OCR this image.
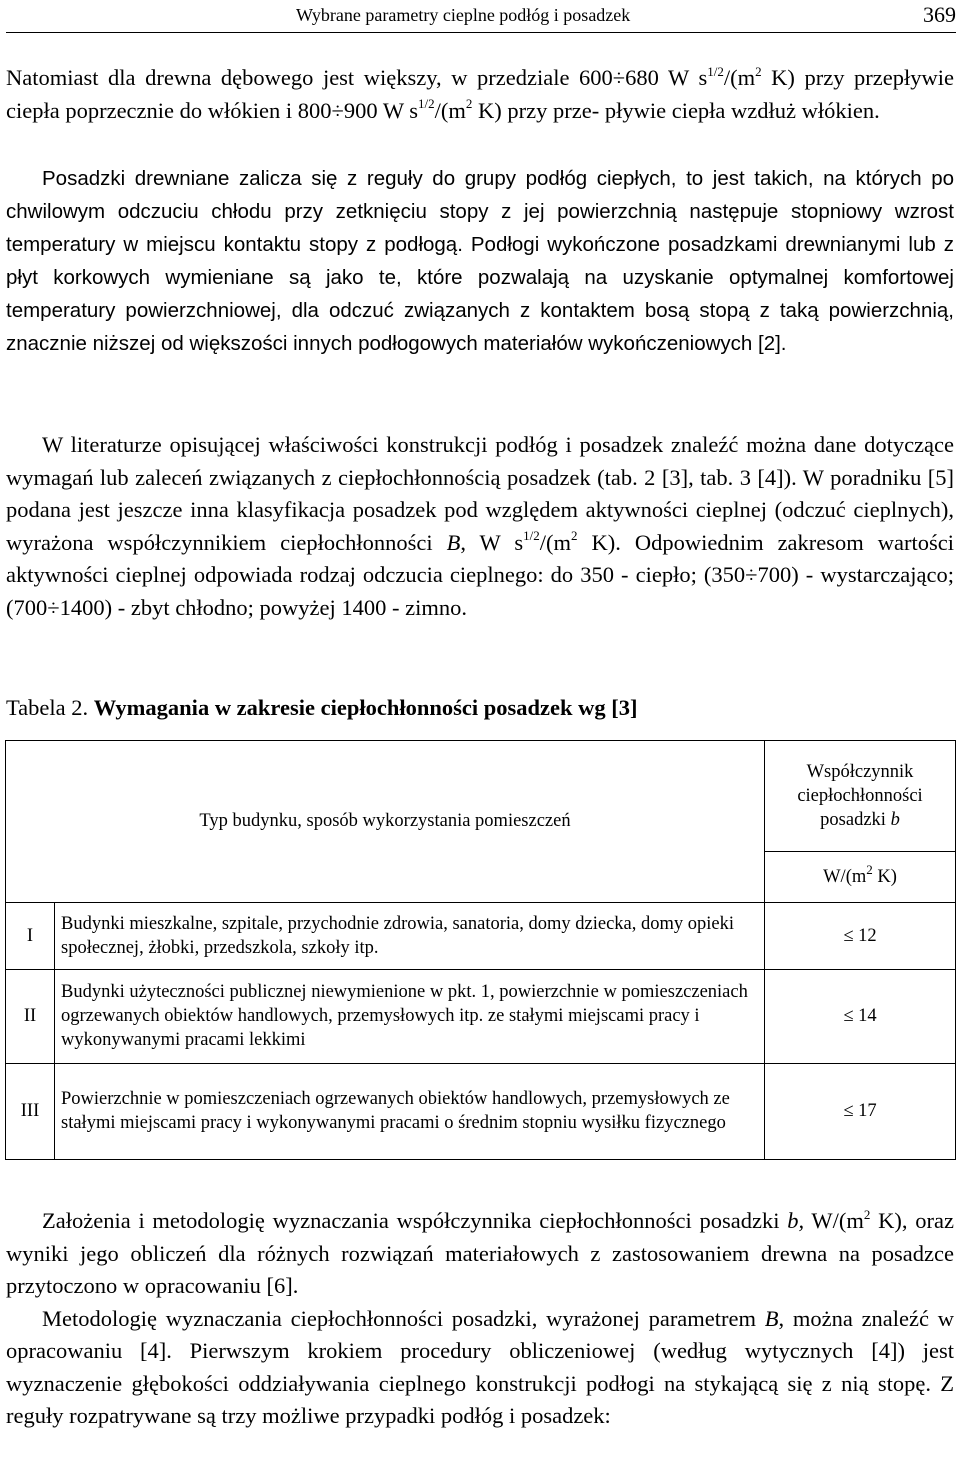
Wybrane parametry cieplne podłóg i posadzek	369

Natomiast dla drewna dębowego jest większy, w przedziale 600÷680 W $s^{1/2}/(m^2$ K) przy przepływie ciepła poprzecznie do włókien i 800÷900 W $s^{1/2}/(m^2$ K) przy prze- pływie ciepła wzdłuż włókien.

Posadzki drewniane zalicza się z reguły do grupy podłóg ciepłych, to jest takich, na których po chwilowym odczuciu chłodu przy zetknięciu stopy z jej powierzchnią następuje stopniowy wzrost temperatury w miejscu kontaktu stopy z podłogą. Podłogi wykończone posadzkami drewnianymi lub z płyt korkowych wymieniane są jako te, które pozwalają na uzyskanie optymalnej komfortowej temperatury powierzchniowej, dla odczuć związanych z kontaktem bosą stopą z taką powierzchnią, znacznie niższej od większości innych podłogowych materiałów wykończeniowych [2].

W literaturze opisującej właściwości konstrukcji podłóg i posadzek znaleźć można dane dotyczące wymagań lub zaleceń związanych z ciepłochłonnością posadzek (tab. 2 [3], tab. 3 [4]). W poradniku [5] podana jest jeszcze inna klasyfikacja posadzek pod względem aktywności cieplnej (odczuć cieplnych), wyrażona współczynnikiem ciepłochłonności B, W $s^{1/2}/(m^2$ K). Odpowiednim zakresom wartości aktywności cieplnej odpowiada rodzaj odczucia cieplnego: do 350 - ciepło; (350÷700) - wystarczająco; (700÷1400) - zbyt chłodno; powyżej 1400 - zimno.

Tabela 2. Wymagania w zakresie ciepłochłonności posadzek wg [3]
Typ budynku, sposób wykorzystania pomieszczeń		Współczynnik
ciepłochłonności
posadzki b

		$W/(m^2$ K)
I	Budynki mieszkalne, szpitale, przychodnie zdrowia, sanatoria, domy dziecka, domy opieki społecznej, żłobki, przedszkola, szkoły itp.	≤ 12
II	Budynki użyteczności publicznej niewymienione w pkt. 1, powierzchnie w pomieszczeniach ogrzewanych obiektów handlowych, przemysłowych itp. ze stałymi miejscami pracy i wykonywanymi pracami lekkimi	≤ 14
III	Powierzchnie w pomieszczeniach ogrzewanych obiektów handlowych, przemysłowych ze stałymi miejscami pracy i wykonywanymi pracami o średnim stopniu wysiłku fizycznego	≤ 17

Założenia i metodologię wyznaczania współczynnika ciepłochłonności posadzki b, $W/(m^2$ K), oraz wyniki jego obliczeń dla różnych rozwiązań materiałowych z zastosowaniem drewna na posadzce przytoczono w opracowaniu [6].

Metodologię wyznaczania ciepłochłonności posadzki, wyrażonej parametrem B, można znaleźć w opracowaniu [4]. Pierwszym krokiem procedury obliczeniowej (według wytycznych [4]) jest wyznaczenie głębokości oddziaływania cieplnego konstrukcji podłogi na stykającą się z nią stopę. Z reguły rozpatrywane są trzy możliwe przypadki podłóg i posadzek:
